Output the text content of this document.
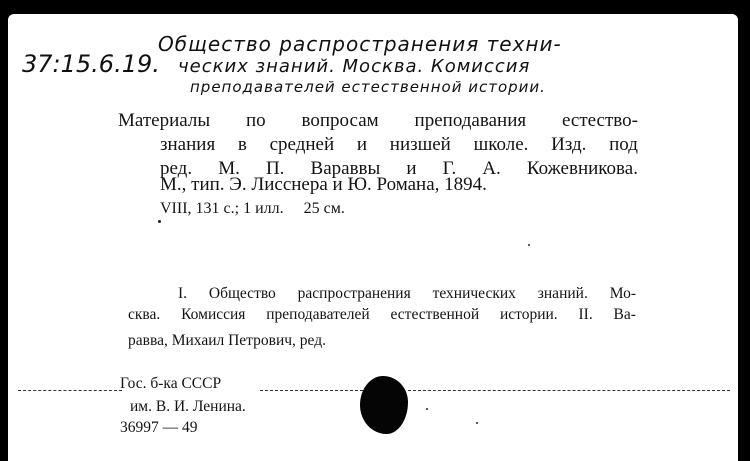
37:15.6.19.
Общество распространения техни-
ческих знаний. Москва. Комиссия
преподавателей естественной истории.
Материалы по вопросам преподавания естество-
знания в средней и низшей школе. Изд. под
ред. М. П. Bараввы и Г. А. Кожевникова.
М., тип. Э. Лисснера и Ю. Романа, 1894.
VIII, 131 с.; 1 илл.     25 см.
I. Общество распространения технических знаний. Мо-
сква. Комиссия преподавателей естественной истории. II. Ва-
равва, Михаил Петрович, ред.
Гос. б-ка СССР
им. В. И. Ленина.
36997 — 49
